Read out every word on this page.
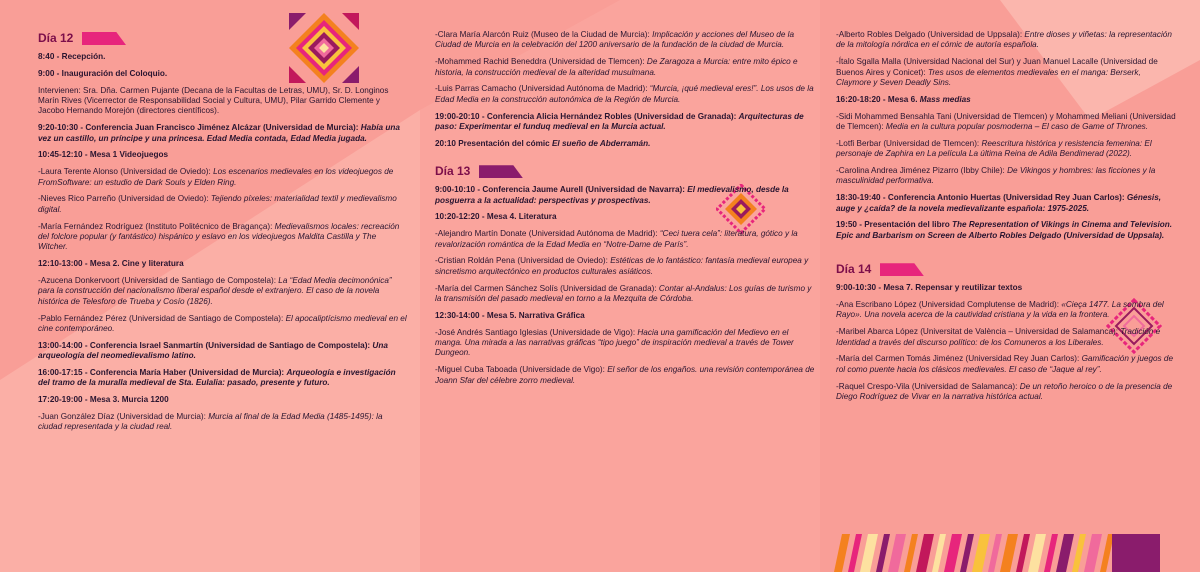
Día 12

8:40 - Recepción.

9:00 - Inauguración del Coloquio.

Intervienen: Sra. Dña. Carmen Pujante (Decana de la Facultas de Letras, UMU), Sr. D. Longinos Marín Rives (Vicerrector de Responsabilidad Social y Cultura, UMU), Pilar Garrido Clemente y Jacobo Hernando Morejón (directores científicos).

9:20-10:30 - Conferencia Juan Francisco Jiménez Alcázar (Universidad de Murcia): Había una vez un castillo, un príncipe y una princesa. Edad Media contada, Edad Media jugada.

10:45-12:10 - Mesa 1 Videojuegos

-Laura Terente Alonso (Universidad de Oviedo): Los escenarios medievales en los videojuegos de FromSoftware: un estudio de Dark Souls y Elden Ring.

-Nieves Rico Parreño (Universidad de Oviedo): Tejiendo píxeles: materialidad textil y medievalismo digital.

-María Fernández Rodríguez (Instituto Politécnico de Bragança): Medievalismos locales: recreación del folclore popular (y fantástico) hispánico y eslavo en los videojuegos Maldita Castilla y The Witcher.

12:10-13:00 - Mesa 2. Cine y literatura

-Azucena Donkervoort (Universidad de Santiago de Compostela): La “Edad Media decimonónica” para la construcción del nacionalismo liberal español desde el extranjero. El caso de la novela histórica de Telesforo de Trueba y Cosío (1826).

-Pablo Fernández Pérez (Universidad de Santiago de Compostela): El apocaliptícismo medieval en el cine contemporáneo.

13:00-14:00 - Conferencia Israel Sanmartín (Universidad de Santiago de Compostela): Una arqueología del neomedievalismo latino.

16:00-17:15 - Conferencia María Haber (Universidad de Murcia): Arqueología e investigación del tramo de la muralla medieval de Sta. Eulalia: pasado, presente y futuro.

17:20-19:00 - Mesa 3. Murcia 1200

-Juan González Díaz (Universidad de Murcia): Murcia al final de la Edad Media (1485-1495): la ciudad representada y la ciudad real.

-Clara María Alarcón Ruiz (Museo de la Ciudad de Murcia): Implicación y acciones del Museo de la Ciudad de Murcia en la celebración del 1200 aniversario de la fundación de la ciudad de Murcia.

-Mohammed Rachid Beneddra (Universidad de Tlemcen): De Zaragoza a Murcia: entre mito épico e historia, la construcción medieval de la alteridad musulmana.

-Luis Parras Camacho (Universidad Autónoma de Madrid): “Murcia, ¡qué medieval eres!”. Los usos de la Edad Media en la construcción autonómica de la Región de Murcia.

19:00-20:10 - Conferencia Alicia Hernández Robles (Universidad de Granada): Arquitecturas de paso: Experimentar el funduq medieval en la Murcia actual.

20:10 Presentación del cómic El sueño de Abderramán.

Día 13

9:00-10:10 - Conferencia Jaume Aurell (Universidad de Navarra): El medievalismo, desde la posguerra a la actualidad: perspectivas y prospectivas.

10:20-12:20 - Mesa 4. Literatura

-Alejandro Martín Donate (Universidad Autónoma de Madrid): “Ceci tuera cela”: literatura, gótico y la revalorización romántica de la Edad Media en “Notre-Dame de París”.

-Cristian Roldán Pena (Universidad de Oviedo): Estéticas de lo fantástico: fantasía medieval europea y sincretismo arquitectónico en productos culturales asiáticos.

-María del Carmen Sánchez Solís (Universidad de Granada): Contar al-Andalus: Los guías de turismo y la transmisión del pasado medieval en torno a la Mezquita de Córdoba.

12:30-14:00 - Mesa 5. Narrativa Gráfica

-José Andrés Santiago Iglesias (Universidade de Vigo): Hacia una gamificación del Medievo en el manga. Una mirada a las narrativas gráficas “tipo juego” de inspiración medieval a través de Tower Dungeon.

-Miguel Cuba Taboada (Universidade de Vigo): El señor de los engaños. una revisión contemporánea de Joann Sfar del célebre zorro medieval.

-Alberto Robles Delgado (Universidad de Uppsala): Entre dioses y viñetas: la representación de la mitología nórdica en el cómic de autoría española.

-Ítalo Sgalla Malla (Universidad Nacional del Sur) y Juan Manuel Lacalle (Universidad de Buenos Aires y Conicet): Tres usos de elementos medievales en el manga: Berserk, Claymore y Seven Deadly Sins.

16:20-18:20 - Mesa 6. Mass medias

-Sidi Mohammed Bensahla Tani (Universidad de Tlemcen) y Mohammed Meliani (Universidad de Tlemcen): Media en la cultura popular posmoderna – El caso de Game of Thrones.

-Lotfi Berbar (Universidad de Tlemcen): Reescritura histórica y resistencia femenina: El personaje de Zaphira en La película La última Reina de Adila Bendimerad (2022).

-Carolina Andrea Jiménez Pizarro (Ibby Chile): De Vikingos y hombres: las ficciones y la masculinidad performativa.

18:30-19:40 - Conferencia Antonio Huertas (Universidad Rey Juan Carlos): Génesis, auge y ¿caída? de la novela medievalizante española: 1975-2025.

19:50 - Presentación del libro The Representation of Vikings in Cinema and Television. Epic and Barbarism on Screen de Alberto Robles Delgado (Universidad de Uppsala).

Día 14

9:00-10:30 - Mesa 7. Repensar y reutilizar textos

-Ana Escribano López (Universidad Complutense de Madrid): «Cieça 1477. La sombra del Rayo». Una novela acerca de la cautividad cristiana y la vida en la frontera.

-Maribel Abarca López (Universitat de València – Universidad de Salamanca): Tradición e Identidad a través del discurso político: de los Comuneros a los Liberales.

-María del Carmen Tomás Jiménez (Universidad Rey Juan Carlos): Gamificación y juegos de rol como puente hacia los clásicos medievales. El caso de “Jaque al rey”.

-Raquel Crespo-Vila (Universidad de Salamanca): De un retoño heroico o de la presencia de Diego Rodríguez de Vivar en la narrativa histórica actual.
